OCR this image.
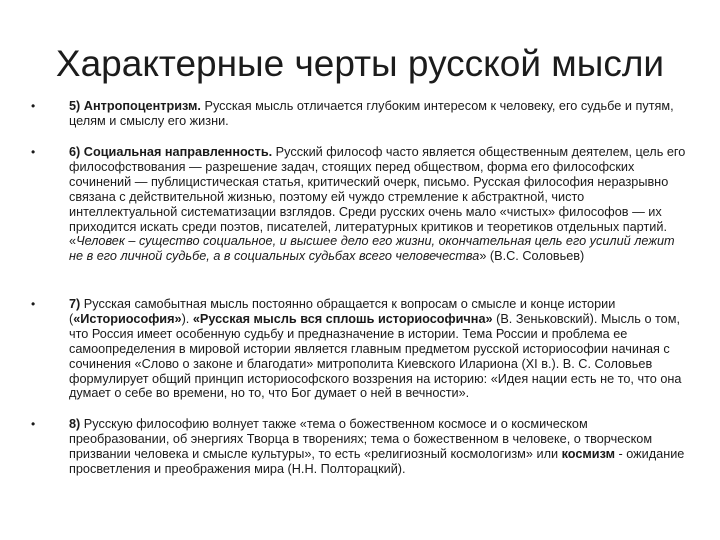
Характерные черты русской мысли
•	5) Антропоцентризм. Русская мысль отличается глубоким интересом к человеку, его судьбе и путям, целям и смыслу его жизни.
•	6) Социальная направленность. Русский философ часто является общественным деятелем, цель его философствования — разрешение задач, стоящих перед обществом, форма его философских сочинений — публицистическая статья, критический очерк, письмо. Русская философия неразрывно связана с действительной жизнью, поэтому ей чуждо стремление к абстрактной, чисто интеллектуальной систематизации взглядов. Среди русских очень мало «чистых» философов — их приходится искать среди поэтов, писателей, литературных критиков и теоретиков отдельных партий. «Человек – существо социальное, и высшее дело его жизни, окончательная цель его усилий лежит не в его личной судьбе, а в социальных судьбах всего человечества» (В.С. Соловьев)
•	7) Русская самобытная мысль постоянно обращается к вопросам о смысле и конце истории («Историософия»). «Русская мысль вся сплошь историософична» (В. Зеньковский). Мысль о том, что Россия имеет особенную судьбу и предназначение в истории. Тема России и проблема ее самоопределения в мировой истории является главным предметом русской историософии начиная с сочинения «Слово о законе и благодати» митрополита Киевского Илариона (XI в.). В. С. Соловьев формулирует общий принцип историософского воззрения на историю: «Идея нации есть не то, что она думает о себе во времени, но то, что Бог думает о ней в вечности».
•	8) Русскую философию волнует также «тема о божественном космосе и о космическом преобразовании, об энергиях Творца в творениях; тема о божественном в человеке, о творческом призвании человека и смысле культуры», то есть «религиозный космологизм» или космизм - ожидание просветления и преображения мира (Н.Н. Полторацкий).
